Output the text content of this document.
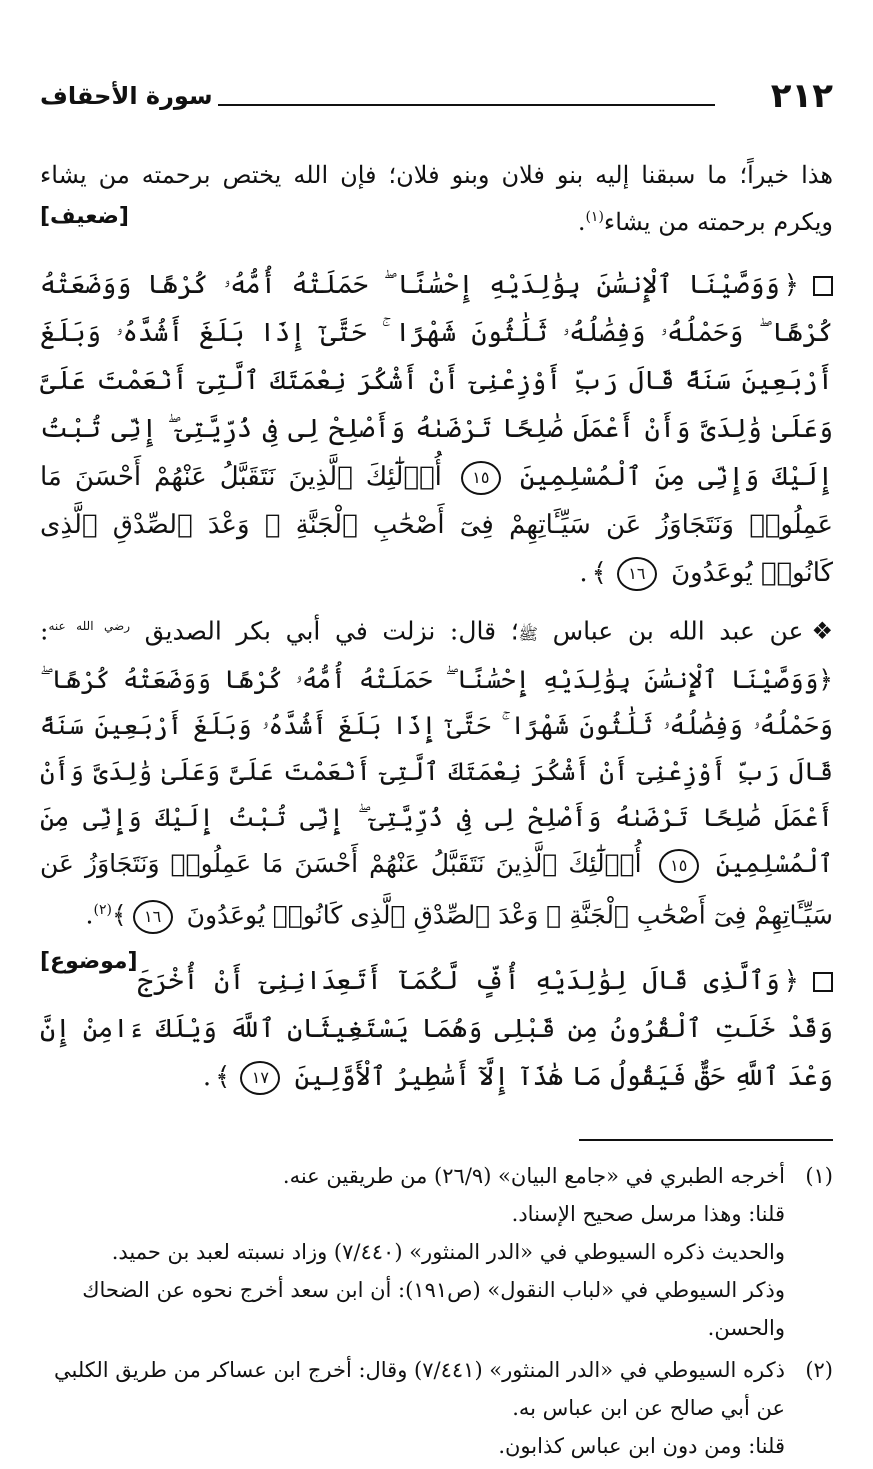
٢١٢
سورة الأحقاف

هذا خيراً؛ ما سبقنا إليه بنو فلان وبنو فلان؛ فإن الله يختص برحمته من يشاء ويكرم برحمته من يشاء$^{(١)}$.
[ضعيف]

﴿وَوَصَّيْنَا ٱلْإِنسَٰنَ بِوَٰلِدَيْهِ إِحْسَٰنًا ۖ حَمَلَتْهُ أُمُّهُۥ كُرْهًا وَوَضَعَتْهُ كُرْهًا ۖ وَحَمْلُهُۥ وَفِصَٰلُهُۥ ثَلَٰثُونَ شَهْرًا ۚ حَتَّىٰٓ إِذَا بَلَغَ أَشُدَّهُۥ وَبَلَغَ أَرْبَعِينَ سَنَةً قَالَ رَبِّ أَوْزِعْنِىٓ أَنْ أَشْكُرَ نِعْمَتَكَ ٱلَّتِىٓ أَنْعَمْتَ عَلَىَّ وَعَلَىٰ وَٰلِدَىَّ وَأَنْ أَعْمَلَ صَٰلِحًا تَرْضَىٰهُ وَأَصْلِحْ لِى فِى ذُرِّيَّتِىٓ ۖ إِنِّى تُبْتُ إِلَيْكَ وَإِنِّى مِنَ ٱلْمُسْلِمِينَ ١٥ أُو۟لَٰٓئِكَ ٱلَّذِينَ نَتَقَبَّلُ عَنْهُمْ أَحْسَنَ مَا عَمِلُوا۟ وَنَتَجَاوَزُ عَن سَيِّـَٔاتِهِمْ فِىٓ أَصْحَٰبِ ٱلْجَنَّةِ ۖ وَعْدَ ٱلصِّدْقِ ٱلَّذِى كَانُوا۟ يُوعَدُونَ ١٦﴾.

❖عن عبد الله بن عباس ﷺ؛ قال: نزلت في أبي بكر الصديق $^{رضي الله عنه}$: ﴿وَوَصَّيْنَا ٱلْإِنسَٰنَ بِوَٰلِدَيْهِ إِحْسَٰنًا ۖ حَمَلَتْهُ أُمُّهُۥ كُرْهًا وَوَضَعَتْهُ كُرْهًا ۖ وَحَمْلُهُۥ وَفِصَٰلُهُۥ ثَلَٰثُونَ شَهْرًا ۚ حَتَّىٰٓ إِذَا بَلَغَ أَشُدَّهُۥ وَبَلَغَ أَرْبَعِينَ سَنَةً قَالَ رَبِّ أَوْزِعْنِىٓ أَنْ أَشْكُرَ نِعْمَتَكَ ٱلَّتِىٓ أَنْعَمْتَ عَلَىَّ وَعَلَىٰ وَٰلِدَىَّ وَأَنْ أَعْمَلَ صَٰلِحًا تَرْضَىٰهُ وَأَصْلِحْ لِى فِى ذُرِّيَّتِىٓ ۖ إِنِّى تُبْتُ إِلَيْكَ وَإِنِّى مِنَ ٱلْمُسْلِمِينَ ١٥ أُو۟لَٰٓئِكَ ٱلَّذِينَ نَتَقَبَّلُ عَنْهُمْ أَحْسَنَ مَا عَمِلُوا۟ وَنَتَجَاوَزُ عَن سَيِّـَٔاتِهِمْ فِىٓ أَصْحَٰبِ ٱلْجَنَّةِ ۖ وَعْدَ ٱلصِّدْقِ ٱلَّذِى كَانُوا۟ يُوعَدُونَ ١٦﴾$^{(٢)}$.
[موضوع]

﴿وَٱلَّذِى قَالَ لِوَٰلِدَيْهِ أُفٍّ لَّكُمَآ أَتَعِدَانِنِىٓ أَنْ أُخْرَجَ وَقَدْ خَلَتِ ٱلْقُرُونُ مِن قَبْلِى وَهُمَا يَسْتَغِيثَانِ ٱللَّهَ وَيْلَكَ ءَامِنْ إِنَّ وَعْدَ ٱللَّهِ حَقٌّ فَيَقُولُ مَا هَٰذَآ إِلَّآ أَسَٰطِيرُ ٱلْأَوَّلِينَ ١٧﴾.

(١)
أخرجه الطبري في «جامع البيان» (٢٦/٩) من طريقين عنه.
قلنا: وهذا مرسل صحيح الإسناد.
والحديث ذكره السيوطي في «الدر المنثور» (٧/٤٤٠) وزاد نسبته لعبد بن حميد.
وذكر السيوطي في «لباب النقول» (ص١٩١): أن ابن سعد أخرج نحوه عن الضحاك والحسن.
(٢)
ذكره السيوطي في «الدر المنثور» (٧/٤٤١) وقال: أخرج ابن عساكر من طريق الكلبي عن أبي صالح عن ابن عباس به.
قلنا: ومن دون ابن عباس كذابون.
